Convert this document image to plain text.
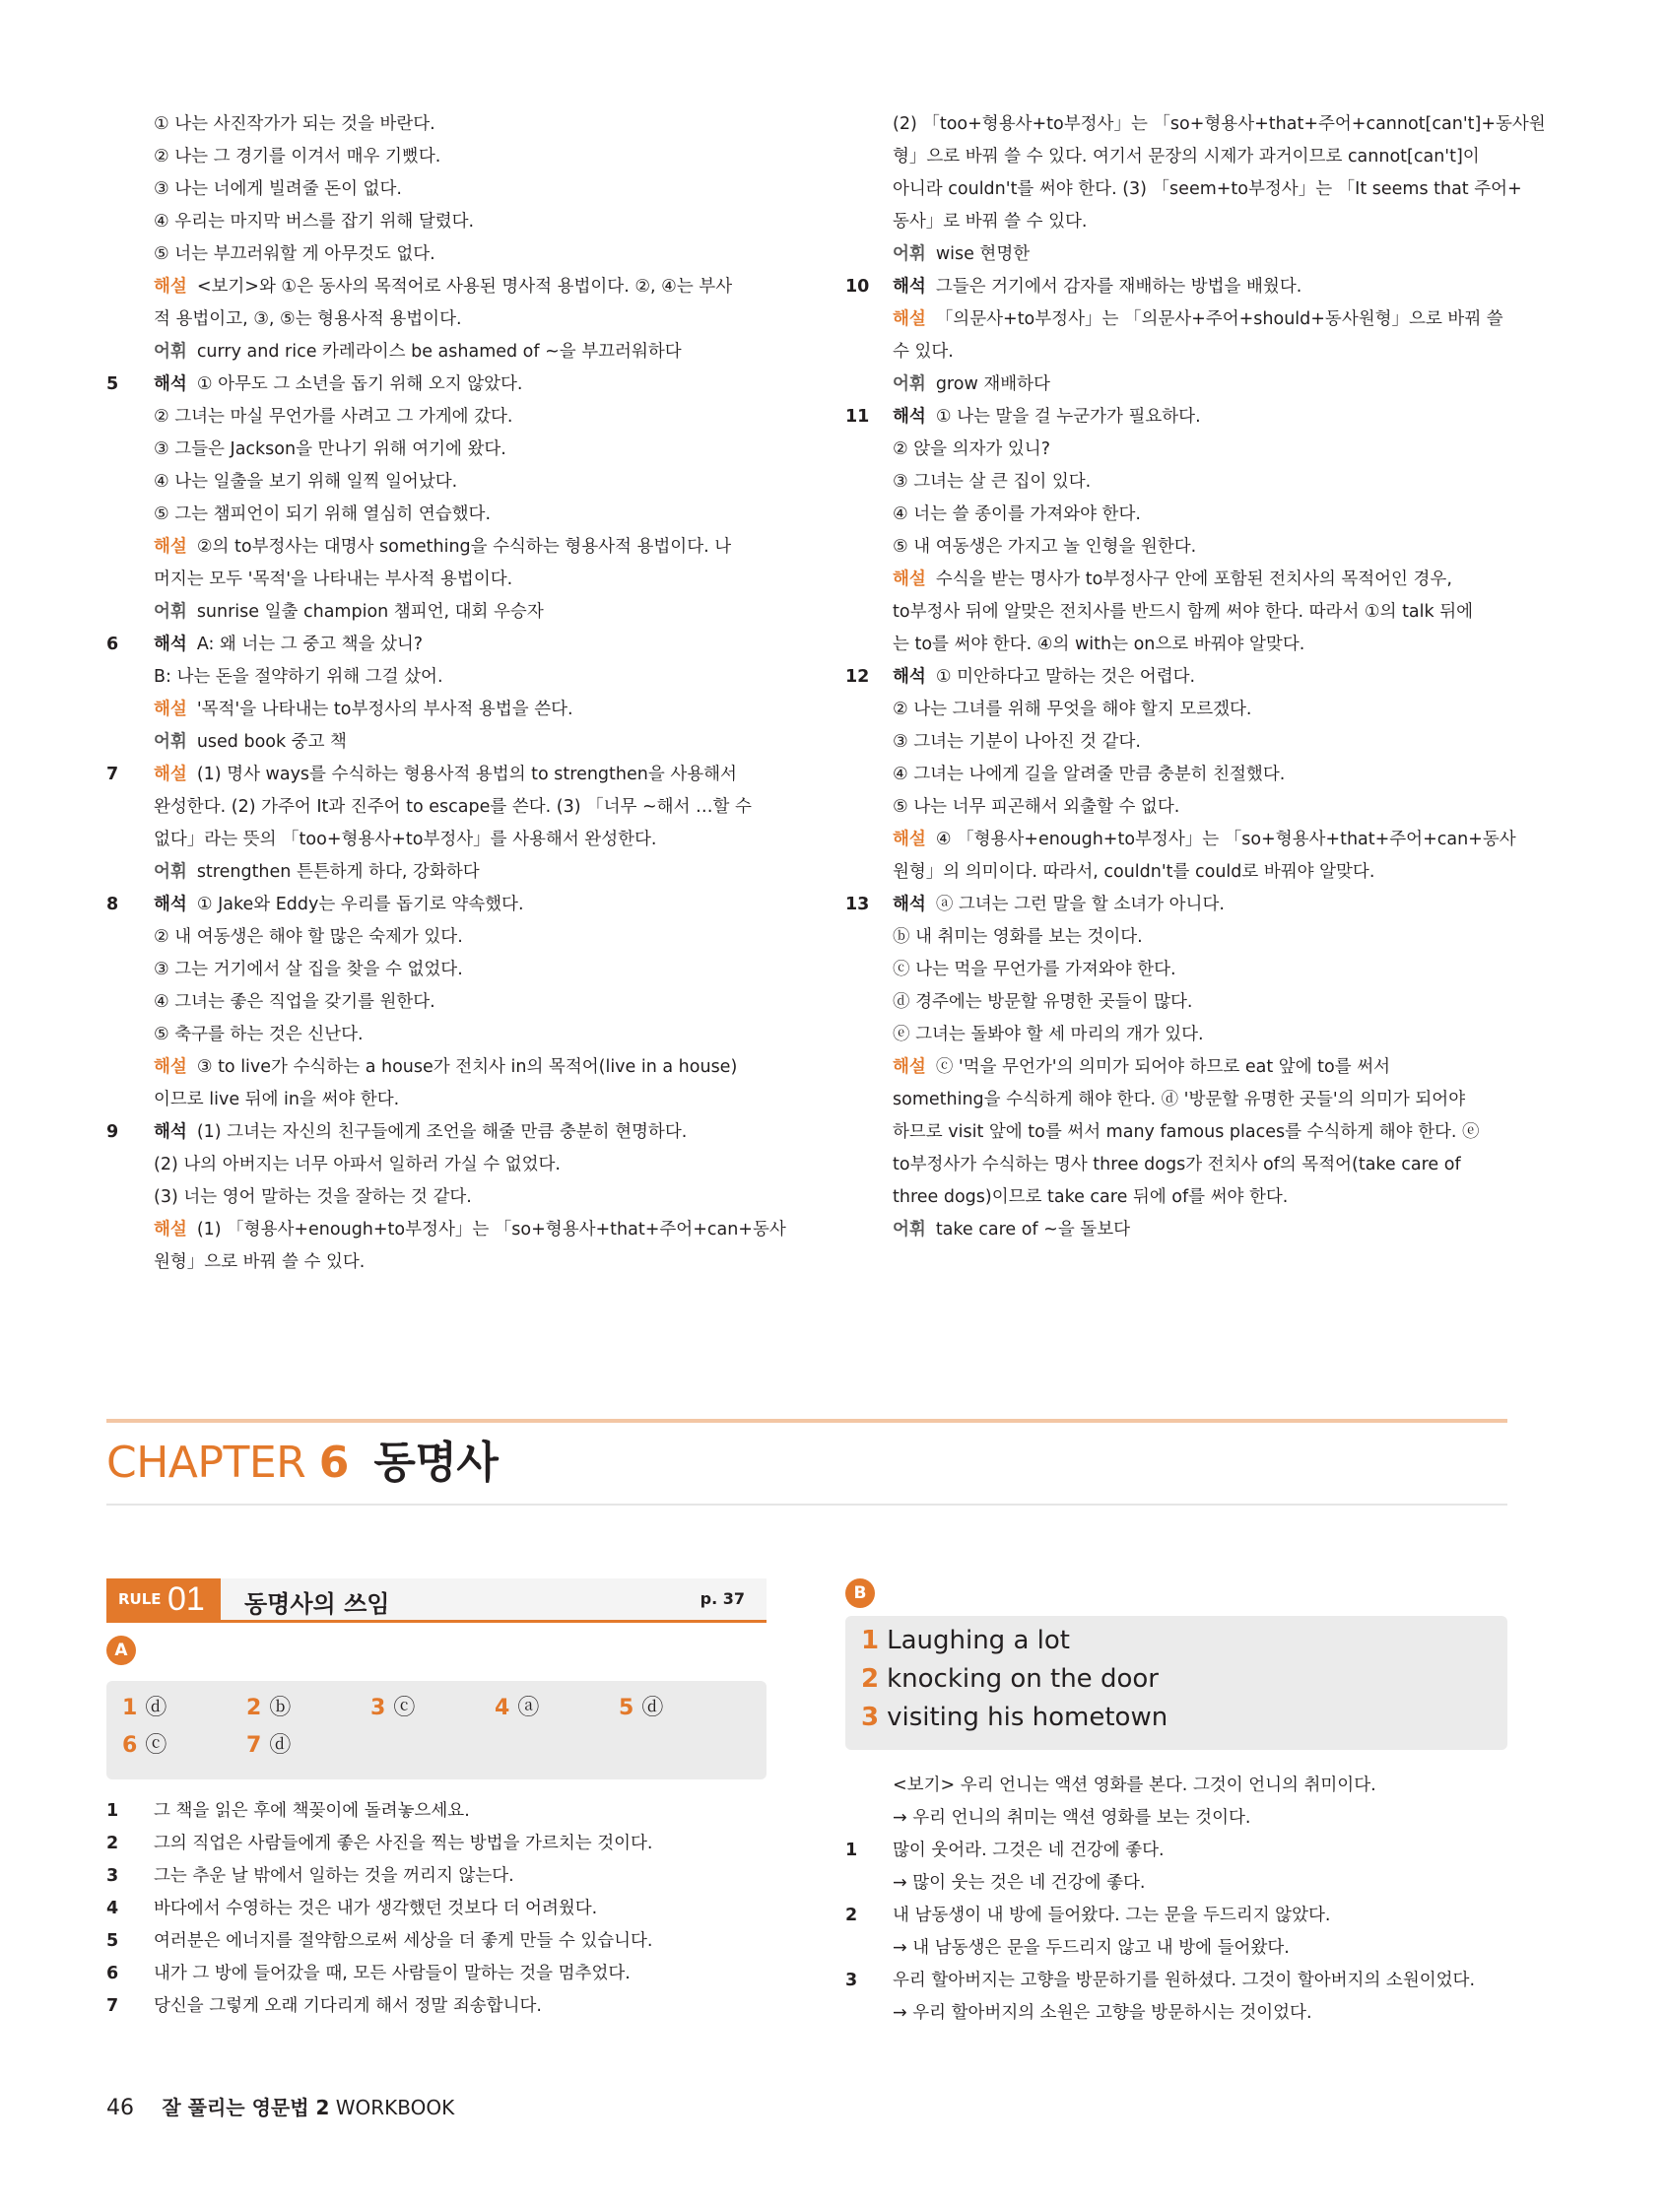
① 나는 사진작가가 되는 것을 바란다.
② 나는 그 경기를 이겨서 매우 기뻤다.
③ 나는 너에게 빌려줄 돈이 없다.
④ 우리는 마지막 버스를 잡기 위해 달렸다.
⑤ 너는 부끄러워할 게 아무것도 없다.
해설 <보기>와 ①은 동사의 목적어로 사용된 명사적 용법이다. ②, ④는 부사
적 용법이고, ③, ⑤는 형용사적 용법이다.
어휘 curry and rice 카레라이스 be ashamed of ~을 부끄러워하다
5	해석 ① 아무도 그 소년을 돕기 위해 오지 않았다.
② 그녀는 마실 무언가를 사려고 그 가게에 갔다.
③ 그들은 Jackson을 만나기 위해 여기에 왔다.
④ 나는 일출을 보기 위해 일찍 일어났다.
⑤ 그는 챔피언이 되기 위해 열심히 연습했다.
해설 ②의 to부정사는 대명사 something을 수식하는 형용사적 용법이다. 나
머지는 모두 '목적'을 나타내는 부사적 용법이다.
어휘 sunrise 일출 champion 챔피언, 대회 우승자
6	해석 A: 왜 너는 그 중고 책을 샀니?
B: 나는 돈을 절약하기 위해 그걸 샀어.
해설 '목적'을 나타내는 to부정사의 부사적 용법을 쓴다.
어휘 used book 중고 책
7	해설 (1) 명사 ways를 수식하는 형용사적 용법의 to strengthen을 사용해서
완성한다. (2) 가주어 It과 진주어 to escape를 쓴다. (3) 「너무 ~해서 …할 수
없다」라는 뜻의 「too+형용사+to부정사」를 사용해서 완성한다.
어휘 strengthen 튼튼하게 하다, 강화하다
8	해석 ① Jake와 Eddy는 우리를 돕기로 약속했다.
② 내 여동생은 해야 할 많은 숙제가 있다.
③ 그는 거기에서 살 집을 찾을 수 없었다.
④ 그녀는 좋은 직업을 갖기를 원한다.
⑤ 축구를 하는 것은 신난다.
해설 ③ to live가 수식하는 a house가 전치사 in의 목적어(live in a house)
이므로 live 뒤에 in을 써야 한다.
9	해석 (1) 그녀는 자신의 친구들에게 조언을 해줄 만큼 충분히 현명하다.
(2) 나의 아버지는 너무 아파서 일하러 가실 수 없었다.
(3) 너는 영어 말하는 것을 잘하는 것 같다.
해설 (1) 「형용사+enough+to부정사」는 「so+형용사+that+주어+can+동사
원형」으로 바꿔 쓸 수 있다.
(2) 「too+형용사+to부정사」는 「so+형용사+that+주어+cannot[can't]+동사원
형」으로 바꿔 쓸 수 있다. 여기서 문장의 시제가 과거이므로 cannot[can't]이
아니라 couldn't를 써야 한다. (3) 「seem+to부정사」는 「It seems that 주어+
동사」로 바꿔 쓸 수 있다.
어휘 wise 현명한
10 해석 그들은 거기에서 감자를 재배하는 방법을 배웠다.
해설 「의문사+to부정사」는 「의문사+주어+should+동사원형」으로 바꿔 쓸
수 있다.
어휘 grow 재배하다
11 해석 ① 나는 말을 걸 누군가가 필요하다.
② 앉을 의자가 있니?
③ 그녀는 살 큰 집이 있다.
④ 너는 쓸 종이를 가져와야 한다.
⑤ 내 여동생은 가지고 놀 인형을 원한다.
해설 수식을 받는 명사가 to부정사구 안에 포함된 전치사의 목적어인 경우,
to부정사 뒤에 알맞은 전치사를 반드시 함께 써야 한다. 따라서 ①의 talk 뒤에
는 to를 써야 한다. ④의 with는 on으로 바꿔야 알맞다.
12 해석 ① 미안하다고 말하는 것은 어렵다.
② 나는 그녀를 위해 무엇을 해야 할지 모르겠다.
③ 그녀는 기분이 나아진 것 같다.
④ 그녀는 나에게 길을 알려줄 만큼 충분히 친절했다.
⑤ 나는 너무 피곤해서 외출할 수 없다.
해설 ④ 「형용사+enough+to부정사」는 「so+형용사+that+주어+can+동사
원형」의 의미이다. 따라서, couldn't를 could로 바꿔야 알맞다.
13 해석 ⓐ 그녀는 그런 말을 할 소녀가 아니다.
ⓑ 내 취미는 영화를 보는 것이다.
ⓒ 나는 먹을 무언가를 가져와야 한다.
ⓓ 경주에는 방문할 유명한 곳들이 많다.
ⓔ 그녀는 돌봐야 할 세 마리의 개가 있다.
해설 ⓒ '먹을 무언가'의 의미가 되어야 하므로 eat 앞에 to를 써서
something을 수식하게 해야 한다. ⓓ '방문할 유명한 곳들'의 의미가 되어야
하므로 visit 앞에 to를 써서 many famous places를 수식하게 해야 한다. ⓔ
to부정사가 수식하는 명사 three dogs가 전치사 of의 목적어(take care of
three dogs)이므로 take care 뒤에 of를 써야 한다.
어휘 take care of ~을 돌보다
CHAPTER 6 동명사
RULE 01 동명사의 쓰임	p. 37
A
1 ⓓ	2 ⓑ	3 ⓒ	4 ⓐ	5 ⓓ
6 ⓒ	7 ⓓ
1	그 책을 읽은 후에 책꽂이에 돌려놓으세요.
2	그의 직업은 사람들에게 좋은 사진을 찍는 방법을 가르치는 것이다.
3	그는 추운 날 밖에서 일하는 것을 꺼리지 않는다.
4	바다에서 수영하는 것은 내가 생각했던 것보다 더 어려웠다.
5	여러분은 에너지를 절약함으로써 세상을 더 좋게 만들 수 있습니다.
6	내가 그 방에 들어갔을 때, 모든 사람들이 말하는 것을 멈추었다.
7	당신을 그렇게 오래 기다리게 해서 정말 죄송합니다.
B
1 Laughing a lot
2 knocking on the door
3 visiting his hometown
<보기> 우리 언니는 액션 영화를 본다. 그것이 언니의 취미이다.
→ 우리 언니의 취미는 액션 영화를 보는 것이다.
1	많이 웃어라. 그것은 네 건강에 좋다.
→ 많이 웃는 것은 네 건강에 좋다.
2	내 남동생이 내 방에 들어왔다. 그는 문을 두드리지 않았다.
→ 내 남동생은 문을 두드리지 않고 내 방에 들어왔다.
3	우리 할아버지는 고향을 방문하기를 원하셨다. 그것이 할아버지의 소원이었다.
→ 우리 할아버지의 소원은 고향을 방문하시는 것이었다.
46 잘 풀리는 영문법 2 WORKBOOK
